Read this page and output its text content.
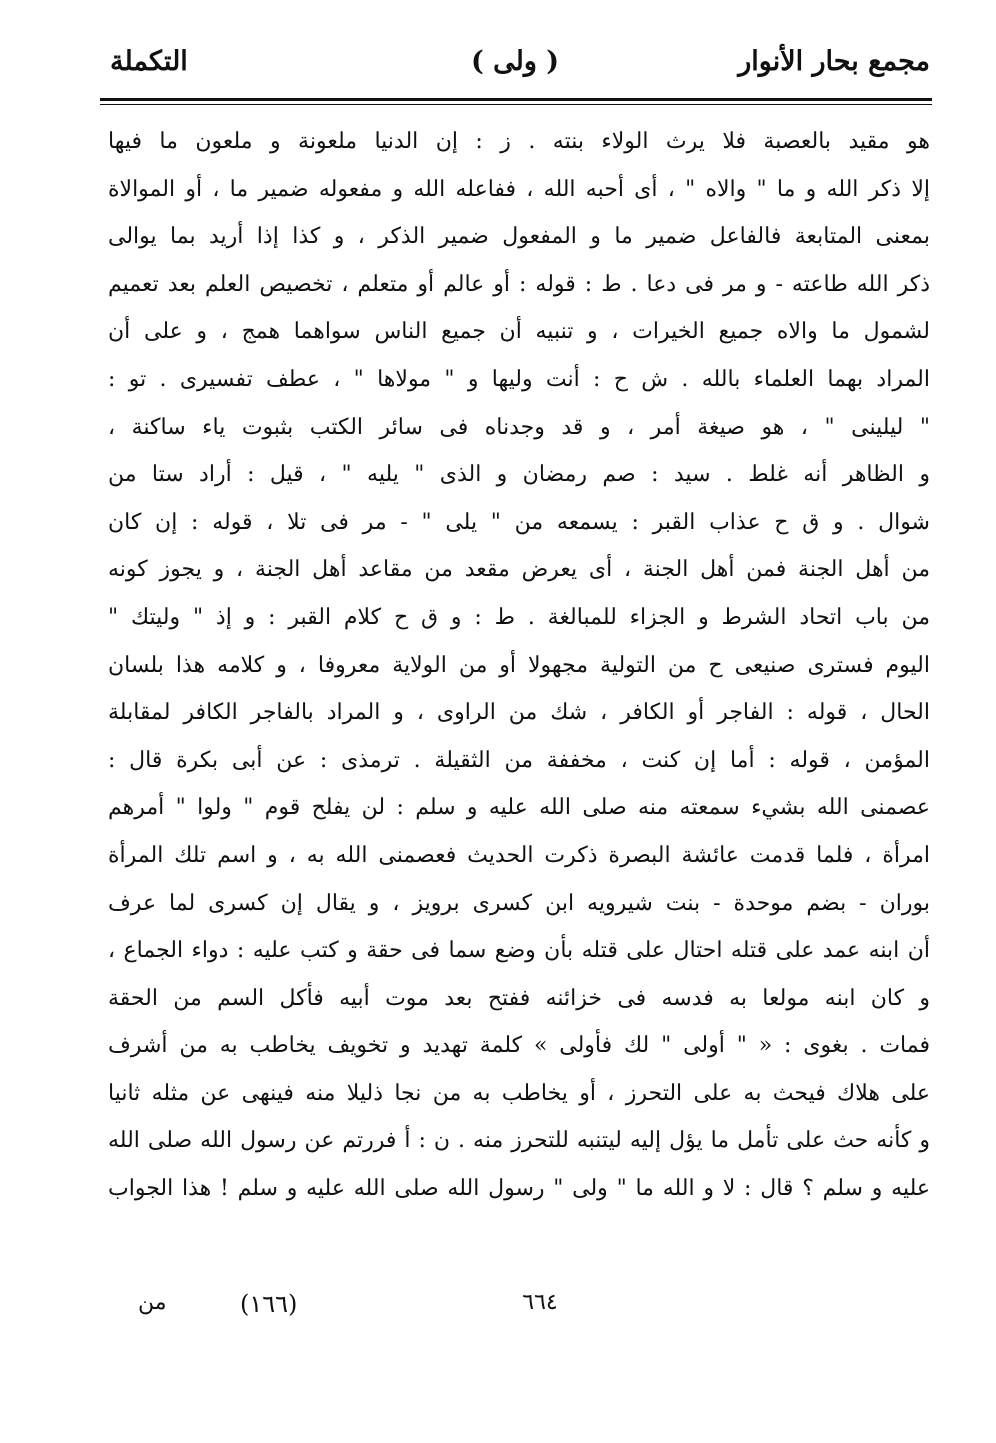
مجمع بحار الأنوار
( ولى )
التكملة
هو مقيد بالعصبة فلا يرث الولاء بنته . ز : إن الدنيا ملعونة و ملعون ما فيها
إلا ذكر الله و ما " والاه " ، أى أحبه الله ، ففاعله الله و مفعوله ضمير ما ، أو الموالاة
بمعنى المتابعة فالفاعل ضمير ما و المفعول ضمير الذكر ، و كذا إذا أريد بما يوالى
ذكر الله طاعته - و مر فى دعا . ط : قوله : أو عالم أو متعلم ، تخصيص العلم بعد تعميم
لشمول ما والاه جميع الخيرات ، و تنبيه أن جميع الناس سواهما همج ، و على أن
المراد بهما العلماء بالله . ش ح : أنت وليها و " مولاها " ، عطف تفسيرى . تو :
" ليلينى " ، هو صيغة أمر ، و قد وجدناه فى سائر الكتب بثبوت ياء ساكنة ،
و الظاهر أنه غلط . سيد : صم رمضان و الذى " يليه " ، قيل : أراد ستا من
شوال . و ق ح عذاب القبر : يسمعه من " يلى " - مر فى تلا ، قوله : إن كان
من أهل الجنة فمن أهل الجنة ، أى يعرض مقعد من مقاعد أهل الجنة ، و يجوز كونه
من باب اتحاد الشرط و الجزاء للمبالغة . ط : و ق ح كلام القبر : و إذ " وليتك "
اليوم فسترى صنيعى ح من التولية مجهولا أو من الولاية معروفا ، و كلامه هذا بلسان
الحال ، قوله : الفاجر أو الكافر ، شك من الراوى ، و المراد بالفاجر الكافر لمقابلة
المؤمن ، قوله : أما إن كنت ، مخففة من الثقيلة . ترمذى : عن أبى بكرة قال :
عصمنى الله بشيء سمعته منه صلى الله عليه و سلم : لن يفلح قوم " ولوا " أمرهم
امرأة ، فلما قدمت عائشة البصرة ذكرت الحديث فعصمنى الله به ، و اسم تلك المرأة
بوران - بضم موحدة - بنت شيرويه ابن كسرى برويز ، و يقال إن كسرى لما عرف
أن ابنه عمد على قتله احتال على قتله بأن وضع سما فى حقة و كتب عليه : دواء الجماع ،
و كان ابنه مولعا به فدسه فى خزائنه ففتح بعد موت أبيه فأكل السم من الحقة
فمات . بغوى : « " أولى " لك فأولى » كلمة تهديد و تخويف يخاطب به من أشرف
على هلاك فيحث به على التحرز ، أو يخاطب به من نجا ذليلا منه فينهى عن مثله ثانيا
و كأنه حث على تأمل ما يؤل إليه ليتنبه للتحرز منه . ن : أ فررتم عن رسول الله صلى الله
عليه و سلم ؟ قال : لا و الله ما " ولى " رسول الله صلى الله عليه و سلم ! هذا الجواب
من	(١٦٦)	٦٦٤
